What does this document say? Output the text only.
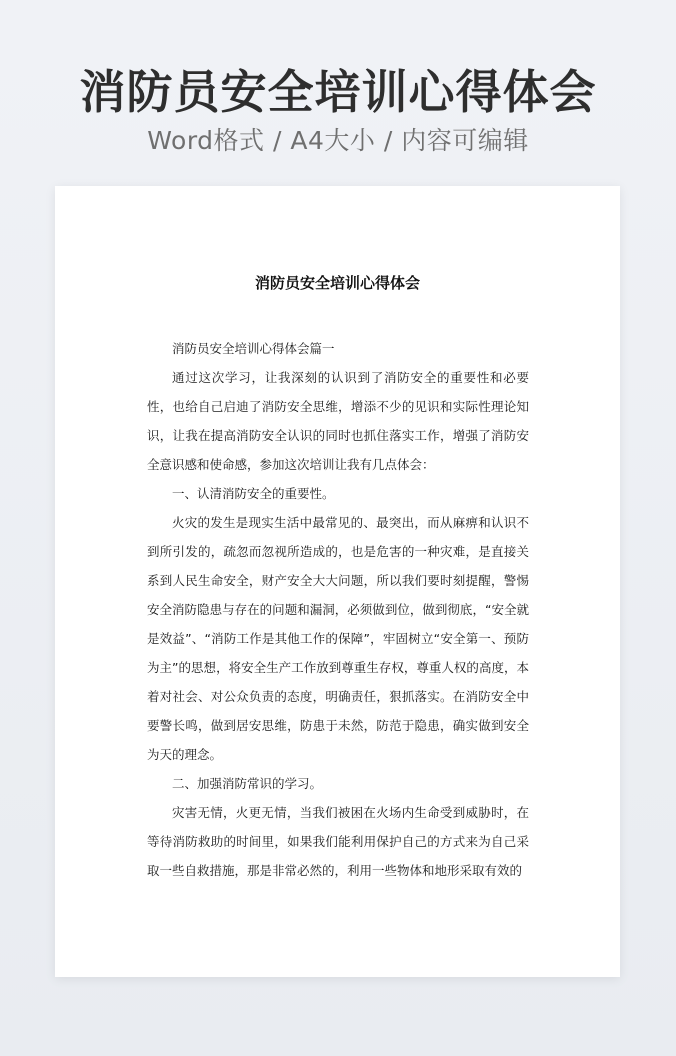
消防员安全培训心得体会
Word格式 / A4大小 / 内容可编辑
消防员安全培训心得体会

消防员安全培训心得体会篇一

通过这次学习，让我深刻的认识到了消防安全的重要性和必要性，也给自己启迪了消防安全思维，增添不少的见识和实际性理论知识，让我在提高消防安全认识的同时也抓住落实工作，增强了消防安全意识感和使命感，参加这次培训让我有几点体会：

一、认清消防安全的重要性。

火灾的发生是现实生活中最常见的、最突出，而从麻痹和认识不到所引发的，疏忽而忽视所造成的，也是危害的一种灾难，是直接关系到人民生命安全，财产安全大大问题，所以我们要时刻提醒，警惕安全消防隐患与存在的问题和漏洞，必须做到位，做到彻底，“安全就是效益”、“消防工作是其他工作的保障”，牢固树立“安全第一、预防为主”的思想，将安全生产工作放到尊重生存权，尊重人权的高度，本着对社会、对公众负责的态度，明确责任，狠抓落实。在消防安全中要警长鸣，做到居安思维，防患于未然，防范于隐患，确实做到安全为天的理念。

二、加强消防常识的学习。

灾害无情，火更无情，当我们被困在火场内生命受到威胁时，在等待消防救助的时间里，如果我们能利用保护自己的方式来为自己采取一些自救措施，那是非常必然的，利用一些物体和地形采取有效的
